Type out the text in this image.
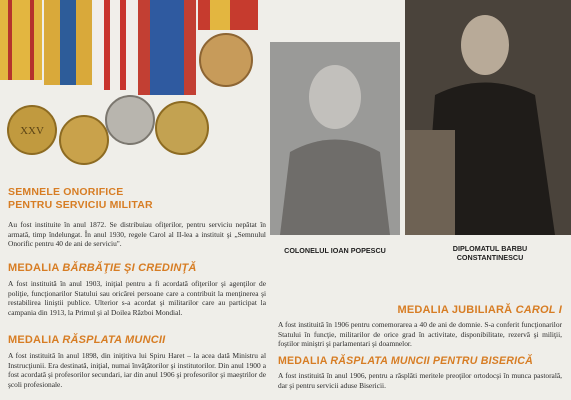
XXV
SEMNELE ONORIFICE
PENTRU SERVICIU MILITAR
Au fost instituite în anul 1872. Se distribuiau ofiţerilor, pentru serviciu nepătat în armată, timp îndelungat. În anul 1930, regele Carol al II-lea a instituit şi „Semnulul Onorific pentru 40 de ani de serviciu".
MEDALIA BĂRBĂŢIE ŞI CREDINŢĂ
A fost instituită în anul 1903, iniţial pentru a fi acordată ofiţerilor şi agenţilor de poliţie, funcţionarilor Statului sau oricărei persoane care a contribuit la menţinerea şi restabilirea liniştii publice. Ulterior s-a acordat şi militarilor care au participat la campania din 1913, la Primul şi al Doilea Război Mondial.
MEDALIA RĂSPLATA MUNCII
A fost instituită în anul 1898, din iniţitiva lui Spiru Haret – la acea dată Ministru al Instrucţiunii. Era destinată, iniţial, numai învăţătorilor şi institutorilor. Din anul 1900 a fost acordată şi profesorilor secundari, iar din anul 1906 şi profesorilor şi maeştrilor de şcoli profesionale.
COLONELUL IOAN POPESCU	DIPLOMATUL BARBU
CONSTANTINESCU
MEDALIA JUBILIARĂ CAROL I
A fost instituită în 1906 pentru comemorarea a 40 de ani de domnie. S-a conferit funcţionarilor Statului în funcţie, militarilor de orice grad în activitate, disponibilitate, rezervă şi miliţii, foştilor miniştri şi parlamentari şi doamnelor.
MEDALIA RĂSPLATA MUNCII PENTRU BISERICĂ
A fost instituită în anul 1906, pentru a răsplăti meritele preoţilor ortodocşi în munca pastorală, dar şi pentru servicii aduse Bisericii.
